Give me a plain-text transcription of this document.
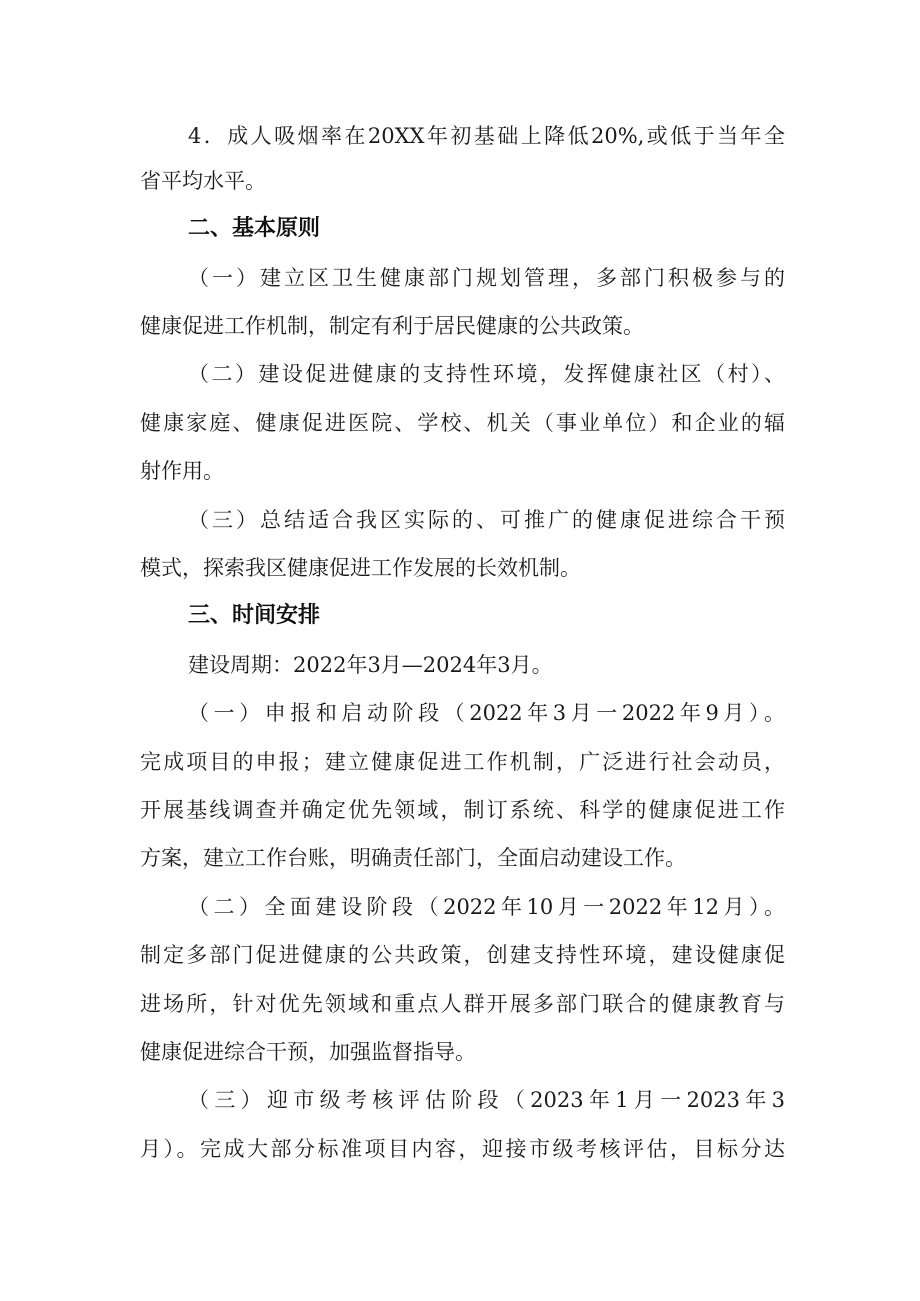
4．成人吸烟率在20XX年初基础上降低20%,或低于当年全
省平均水平。
二、基本原则
（一）建立区卫生健康部门规划管理，多部门积极参与的
健康促进工作机制，制定有利于居民健康的公共政策。
（二）建设促进健康的支持性环境，发挥健康社区（村）、
健康家庭、健康促进医院、学校、机关（事业单位）和企业的辐
射作用。
（三）总结适合我区实际的、可推广的健康促进综合干预
模式，探索我区健康促进工作发展的长效机制。
三、时间安排
建设周期：2022年3月—2024年3月。
（一）申报和启动阶段（2022年3月一2022年9月）。
完成项目的申报；建立健康促进工作机制，广泛进行社会动员，
开展基线调查并确定优先领域，制订系统、科学的健康促进工作
方案，建立工作台账，明确责任部门，全面启动建设工作。
（二）全面建设阶段（2022年10月一2022年12月）。
制定多部门促进健康的公共政策，创建支持性环境，建设健康促
进场所，针对优先领域和重点人群开展多部门联合的健康教育与
健康促进综合干预，加强监督指导。
（三）迎市级考核评估阶段（2023年1月一2023年3
月）。完成大部分标准项目内容，迎接市级考核评估，目标分达
